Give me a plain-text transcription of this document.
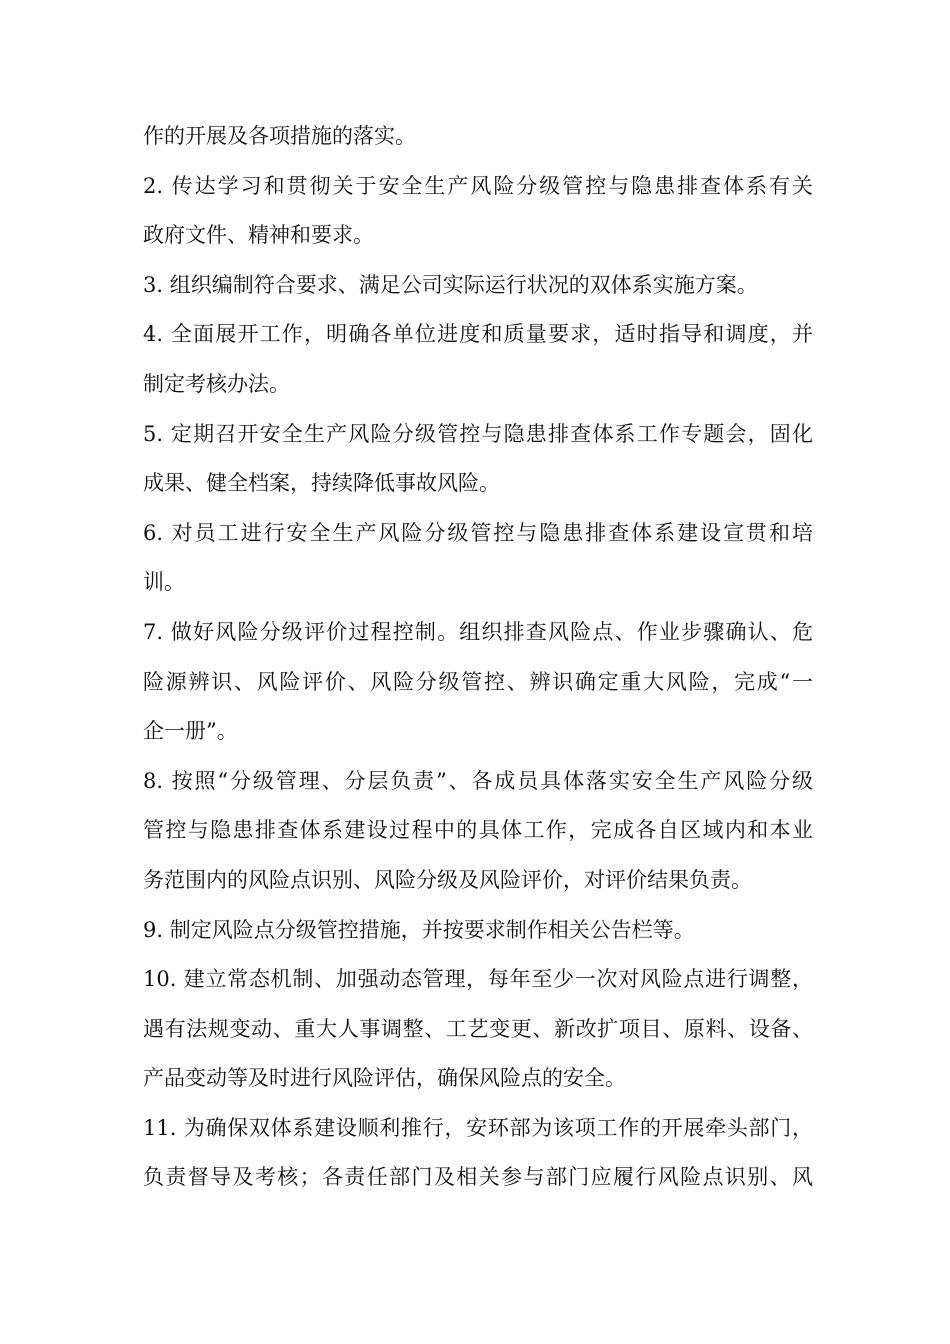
作的开展及各项措施的落实。
2. 传达学习和贯彻关于安全生产风险分级管控与隐患排查体系有关
政府文件、精神和要求。
3. 组织编制符合要求、满足公司实际运行状况的双体系实施方案。
4. 全面展开工作，明确各单位进度和质量要求，适时指导和调度，并
制定考核办法。
5. 定期召开安全生产风险分级管控与隐患排查体系工作专题会，固化
成果、健全档案，持续降低事故风险。
6. 对员工进行安全生产风险分级管控与隐患排查体系建设宣贯和培
训。
7. 做好风险分级评价过程控制。组织排查风险点、作业步骤确认、危
险源辨识、风险评价、风险分级管控、辨识确定重大风险，完成“一
企一册”。
8. 按照“分级管理、分层负责”、各成员具体落实安全生产风险分级
管控与隐患排查体系建设过程中的具体工作，完成各自区域内和本业
务范围内的风险点识别、风险分级及风险评价，对评价结果负责。
9. 制定风险点分级管控措施，并按要求制作相关公告栏等。
10. 建立常态机制、加强动态管理，每年至少一次对风险点进行调整，
遇有法规变动、重大人事调整、工艺变更、新改扩项目、原料、设备、
产品变动等及时进行风险评估，确保风险点的安全。
11. 为确保双体系建设顺利推行，安环部为该项工作的开展牵头部门，
负责督导及考核；各责任部门及相关参与部门应履行风险点识别、风
